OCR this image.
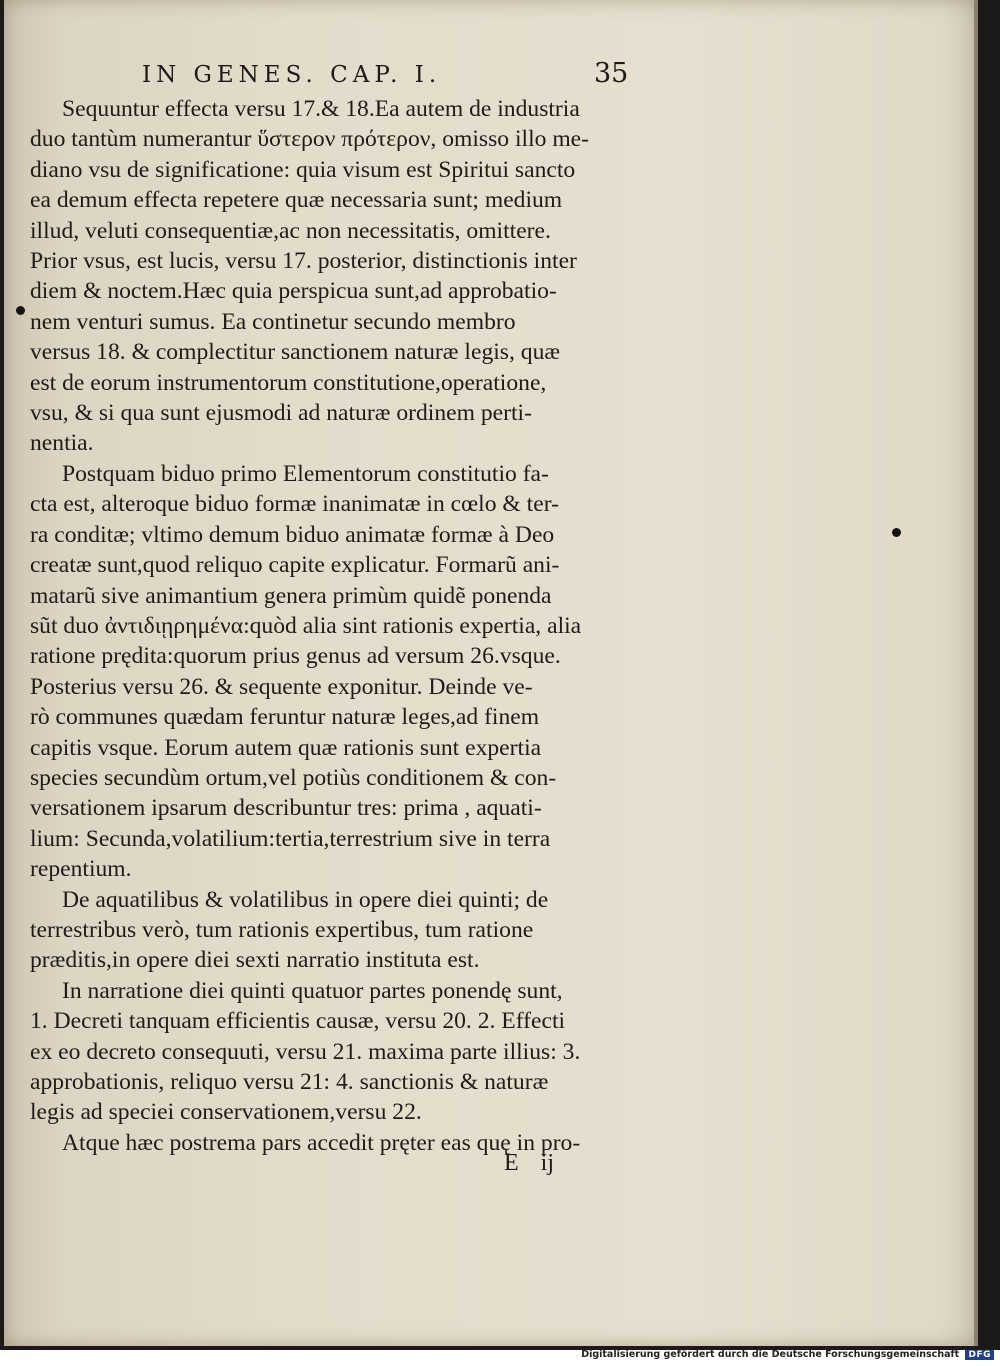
IN GENES. CAP. I.	35
Sequuntur effecta versu 17.& 18.Ea autem de industria
duo tantùm numerantur ὕστερον πρότερον, omisso illo me-
diano vsu de significatione: quia visum est Spiritui sancto
ea demum effecta repetere quæ necessaria sunt; medium
illud, veluti consequentiæ,ac non necessitatis, omittere.
Prior vsus, est lucis, versu 17. posterior, distinctionis inter
diem & noctem.Hæc quia perspicua sunt,ad approbatio-
nem venturi sumus. Ea continetur secundo membro
versus 18. & complectitur sanctionem naturæ legis, quæ
est de eorum instrumentorum constitutione,operatione,
vsu, & si qua sunt ejusmodi ad naturæ ordinem perti-
nentia.
Postquam biduo primo Elementorum constitutio fa-
cta est, alteroque biduo formæ inanimatæ in cœlo & ter-
ra conditæ; vltimo demum biduo animatæ formæ à Deo
creatæ sunt,quod reliquo capite explicatur. Formarũ ani-
matarũ sive animantium genera primùm quidẽ ponenda
sũt duo ἀντιδιῃρημένα:quòd alia sint rationis expertia, alia
ratione prędita:quorum prius genus ad versum 26.vsque.
Posterius versu 26. & sequente exponitur. Deinde ve-
rò communes quædam feruntur naturæ leges,ad finem
capitis vsque. Eorum autem quæ rationis sunt expertia
species secundùm ortum,vel potiùs conditionem & con-
versationem ipsarum describuntur tres: prima , aquati-
lium: Secunda,volatilium:tertia,terrestrium sive in terra
repentium.
De aquatilibus & volatilibus in opere diei quinti; de
terrestribus verò, tum rationis expertibus, tum ratione
præditis,in opere diei sexti narratio instituta est.
In narratione diei quinti quatuor partes ponendę sunt,
1. Decreti tanquam efficientis causæ, versu 20. 2. Effecti
ex eo decreto consequuti, versu 21. maxima parte illius: 3.
approbationis, reliquo versu 21: 4. sanctionis & naturæ
legis ad speciei conservationem,versu 22.
Atque hæc postrema pars accedit pręter eas quę in pro-
E ij
Digitalisierung gefördert durch die Deutsche Forschungsgemeinschaft DFG
